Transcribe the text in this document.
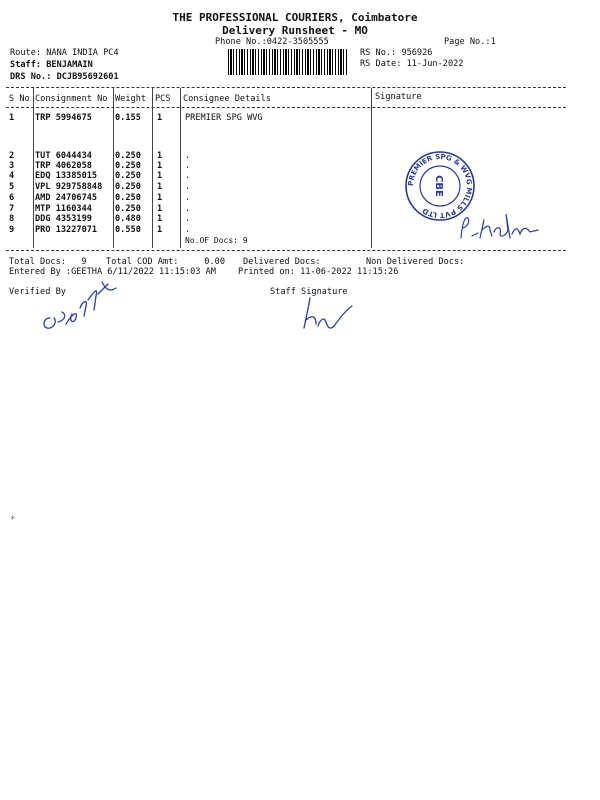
THE PROFESSIONAL COURIERS, Coimbatore
Delivery Runsheet - MO
Phone No.:0422-3505555	Page No.:1
Route: NANA INDIA PC4
Staff: BENJAMAIN
DRS No.: DCJB95692601
RS No.: 956926
RS Date: 11-Jun-2022
S No Consignment No Weight PCS Consignee Details	Signature
1 TRP 5994675	0.155 1	PREMIER SPG WVG
2 TUT 6044434	0.250 1	.
3 TRP 4062058	0.250 1	.
4 EDQ 13385015 0.250 1	.
5 VPL 929758848 0.250 1	.
6 AMD 24706745 0.250 1	.
7 MTP 1160344	0.250 1	.
8 DDG 4353199	0.480 1	.
9 PRO 13227071 0.550 1	.
No.OF Docs: 9
PREMIER SPG & WVG MILLS PVT LTD
CBE
Total Docs:   9 Total COD Amt:     0.00 Delivered Docs:	Non Delivered Docs:
Entered By :GEETHA 6/11/2022 11:15:03 AM	Printed on: 11-06-2022 11:15:26
Verified By	Staff Signature
*
